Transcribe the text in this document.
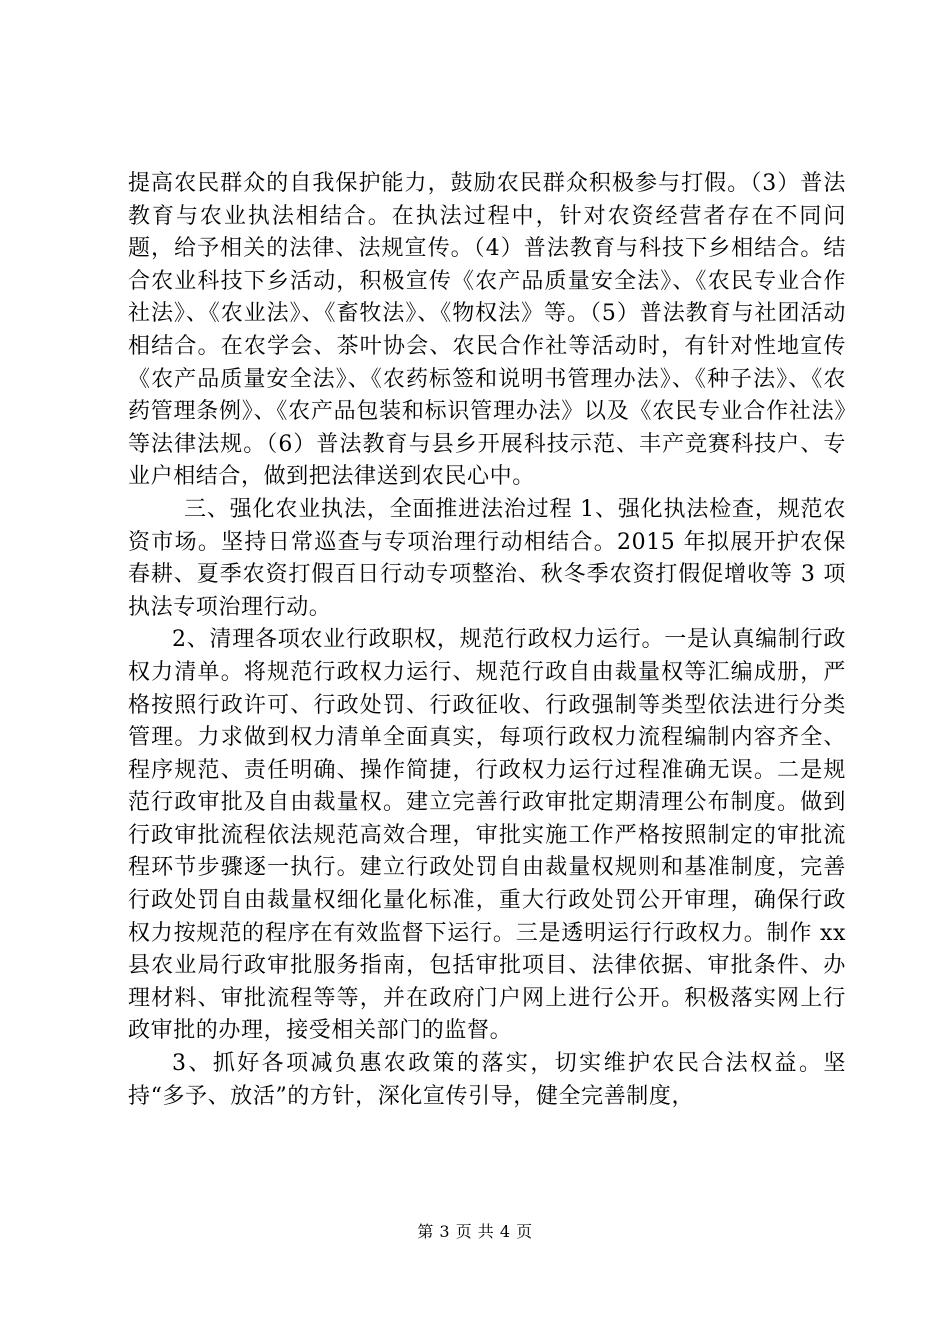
提高农民群众的自我保护能力，鼓励农民群众积极参与打假。（3）普法教育与农业执法相结合。在执法过程中，针对农资经营者存在不同问题，给予相关的法律、法规宣传。（4）普法教育与科技下乡相结合。结合农业科技下乡活动，积极宣传《农产品质量安全法》、《农民专业合作社法》、《农业法》、《畜牧法》、《物权法》等。（5）普法教育与社团活动相结合。在农学会、茶叶协会、农民合作社等活动时，有针对性地宣传《农产品质量安全法》、《农药标签和说明书管理办法》、《种子法》、《农药管理条例》、《农产品包装和标识管理办法》以及《农民专业合作社法》等法律法规。（6）普法教育与县乡开展科技示范、丰产竞赛科技户、专业户相结合，做到把法律送到农民心中。

三、强化农业执法，全面推进法治过程 1、强化执法检查，规范农资市场。坚持日常巡查与专项治理行动相结合。2015 年拟展开护农保春耕、夏季农资打假百日行动专项整治、秋冬季农资打假促增收等 3 项执法专项治理行动。

2、清理各项农业行政职权，规范行政权力运行。一是认真编制行政权力清单。将规范行政权力运行、规范行政自由裁量权等汇编成册，严格按照行政许可、行政处罚、行政征收、行政强制等类型依法进行分类管理。力求做到权力清单全面真实，每项行政权力流程编制内容齐全、程序规范、责任明确、操作简捷，行政权力运行过程准确无误。二是规范行政审批及自由裁量权。建立完善行政审批定期清理公布制度。做到行政审批流程依法规范高效合理，审批实施工作严格按照制定的审批流程环节步骤逐一执行。建立行政处罚自由裁量权规则和基准制度，完善行政处罚自由裁量权细化量化标准，重大行政处罚公开审理，确保行政权力按规范的程序在有效监督下运行。三是透明运行行政权力。制作 xx 县农业局行政审批服务指南，包括审批项目、法律依据、审批条件、办理材料、审批流程等等，并在政府门户网上进行公开。积极落实网上行政审批的办理，接受相关部门的监督。

3、抓好各项减负惠农政策的落实，切实维护农民合法权益。坚持“多予、放活”的方针，深化宣传引导，健全完善制度，

第 3 页 共 4 页
